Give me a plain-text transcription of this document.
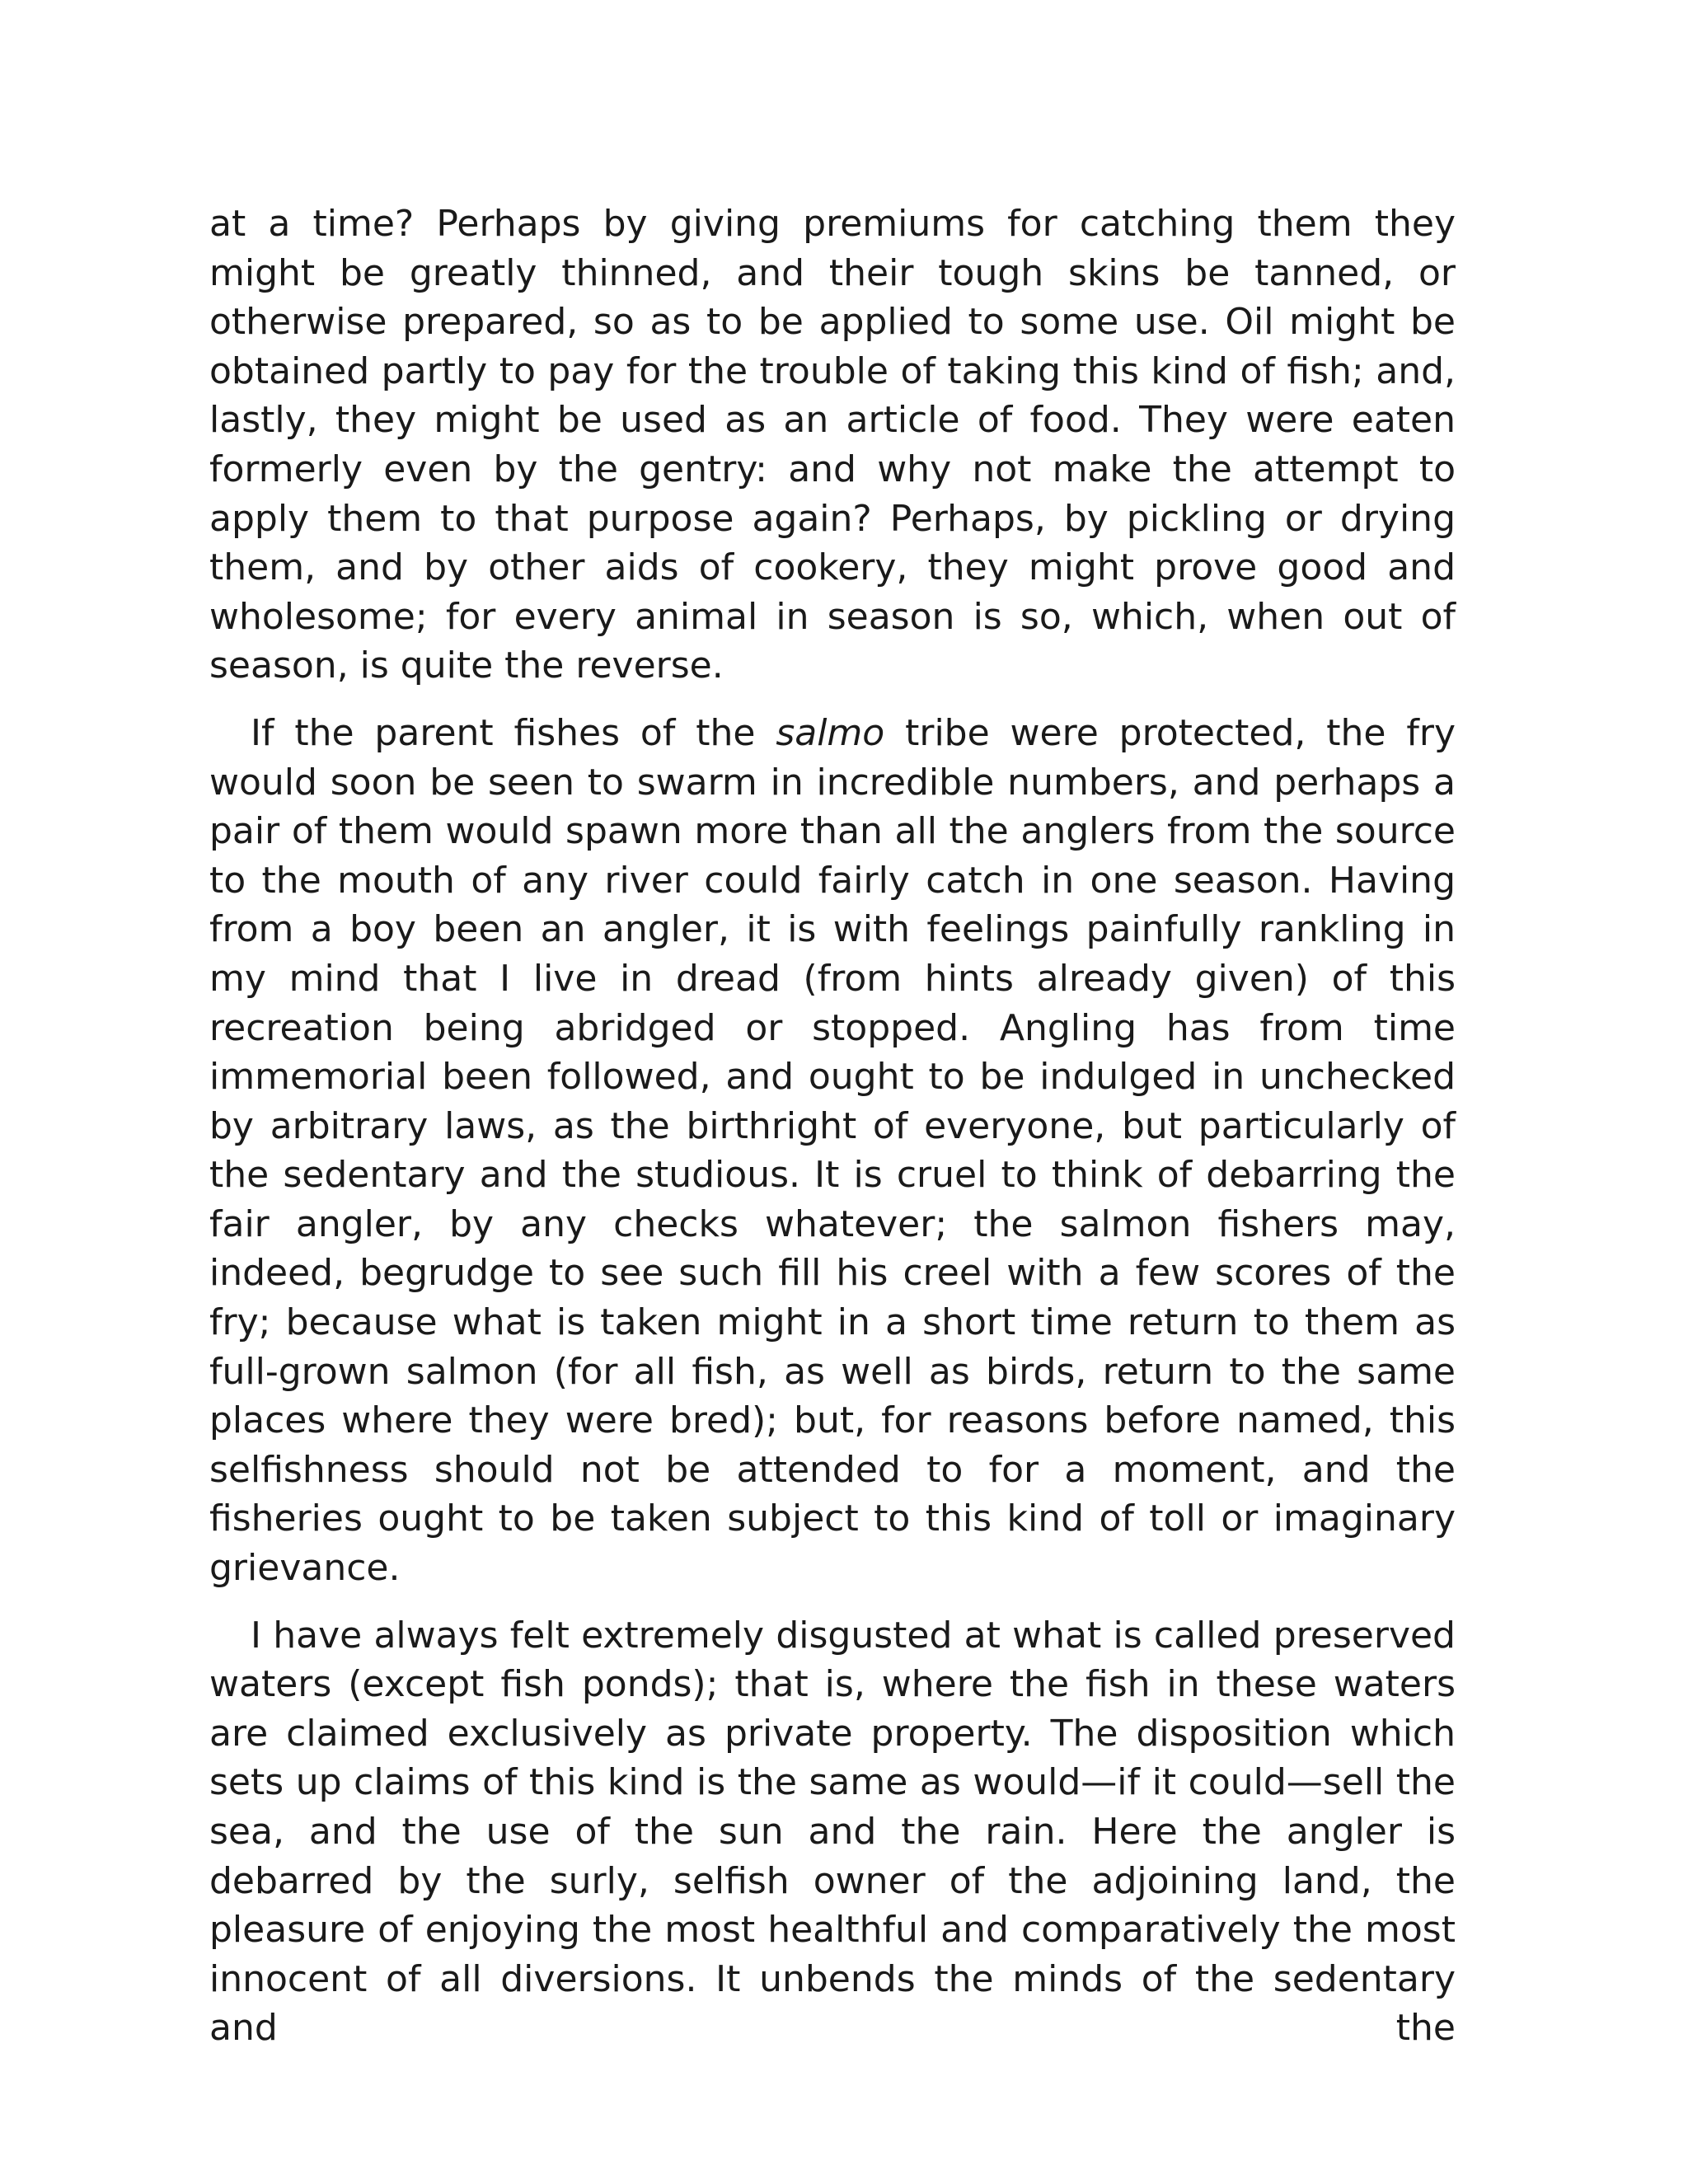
at a time? Perhaps by giving premiums for catching them they might be greatly thinned, and their tough skins be tanned, or otherwise prepared, so as to be applied to some use. Oil might be obtained partly to pay for the trouble of taking this kind of fish; and, lastly, they might be used as an article of food. They were eaten formerly even by the gentry: and why not make the attempt to apply them to that purpose again? Perhaps, by pickling or drying them, and by other aids of cookery, they might prove good and wholesome; for every animal in season is so, which, when out of season, is quite the reverse.

If the parent fishes of the salmo tribe were protected, the fry would soon be seen to swarm in incredible numbers, and perhaps a pair of them would spawn more than all the anglers from the source to the mouth of any river could fairly catch in one season. Having from a boy been an angler, it is with feelings painfully rankling in my mind that I live in dread (from hints already given) of this recreation being abridged or stopped. Angling has from time immemorial been followed, and ought to be indulged in unchecked by arbitrary laws, as the birthright of everyone, but particularly of the sedentary and the studious. It is cruel to think of debarring the fair angler, by any checks whatever; the salmon fishers may, indeed, begrudge to see such fill his creel with a few scores of the fry; because what is taken might in a short time return to them as full-grown salmon (for all fish, as well as birds, return to the same places where they were bred); but, for reasons before named, this selfishness should not be attended to for a moment, and the fisheries ought to be taken subject to this kind of toll or imaginary grievance.

I have always felt extremely disgusted at what is called preserved waters (except fish ponds); that is, where the fish in these waters are claimed exclusively as private property. The disposition which sets up claims of this kind is the same as would—if it could—sell the sea, and the use of the sun and the rain. Here the angler is debarred by the surly, selfish owner of the adjoining land, the pleasure of enjoying the most healthful and comparatively the most innocent of all diversions. It unbends the minds of the sedentary and the
